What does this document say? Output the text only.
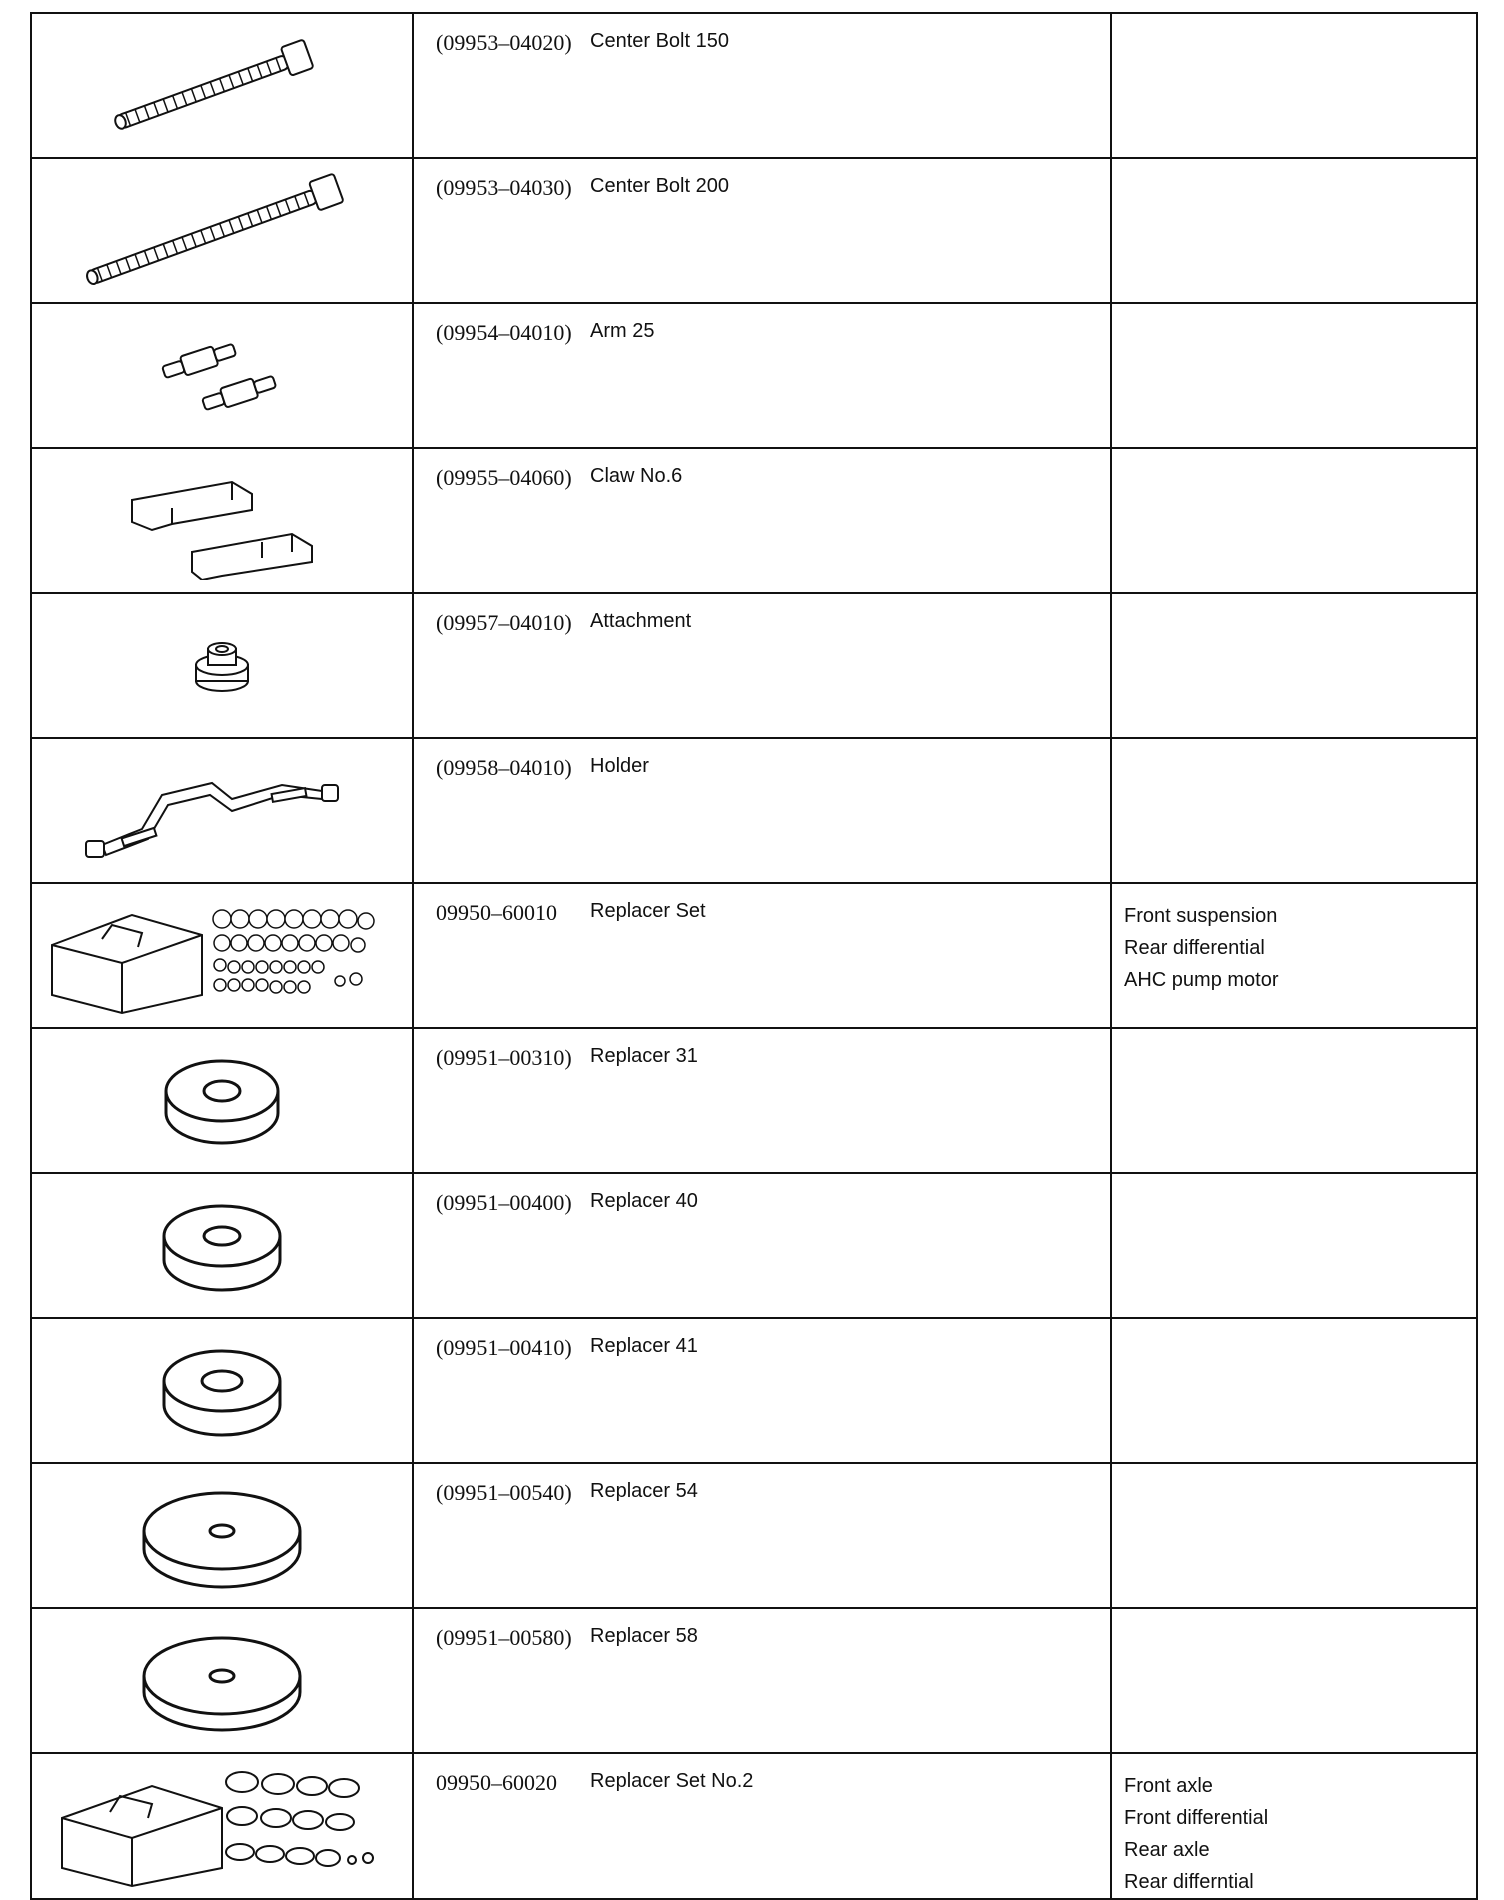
(09953–04020) Center Bolt 150	

(09953–04030) Center Bolt 200	

(09954–04010) Arm 25	

(09955–04060) Claw No.6	

(09957–04010) Attachment	

(09958–04010) Holder	

09950–60010 Replacer Set	Front suspension
Rear differential
AHC pump motor

(09951–00310) Replacer 31	

(09951–00400) Replacer 40	

(09951–00410) Replacer 41	

(09951–00540) Replacer 54	

(09951–00580) Replacer 58	

09950–60020 Replacer Set No.2	Front axle
Front differential
Rear axle
Rear differntial
